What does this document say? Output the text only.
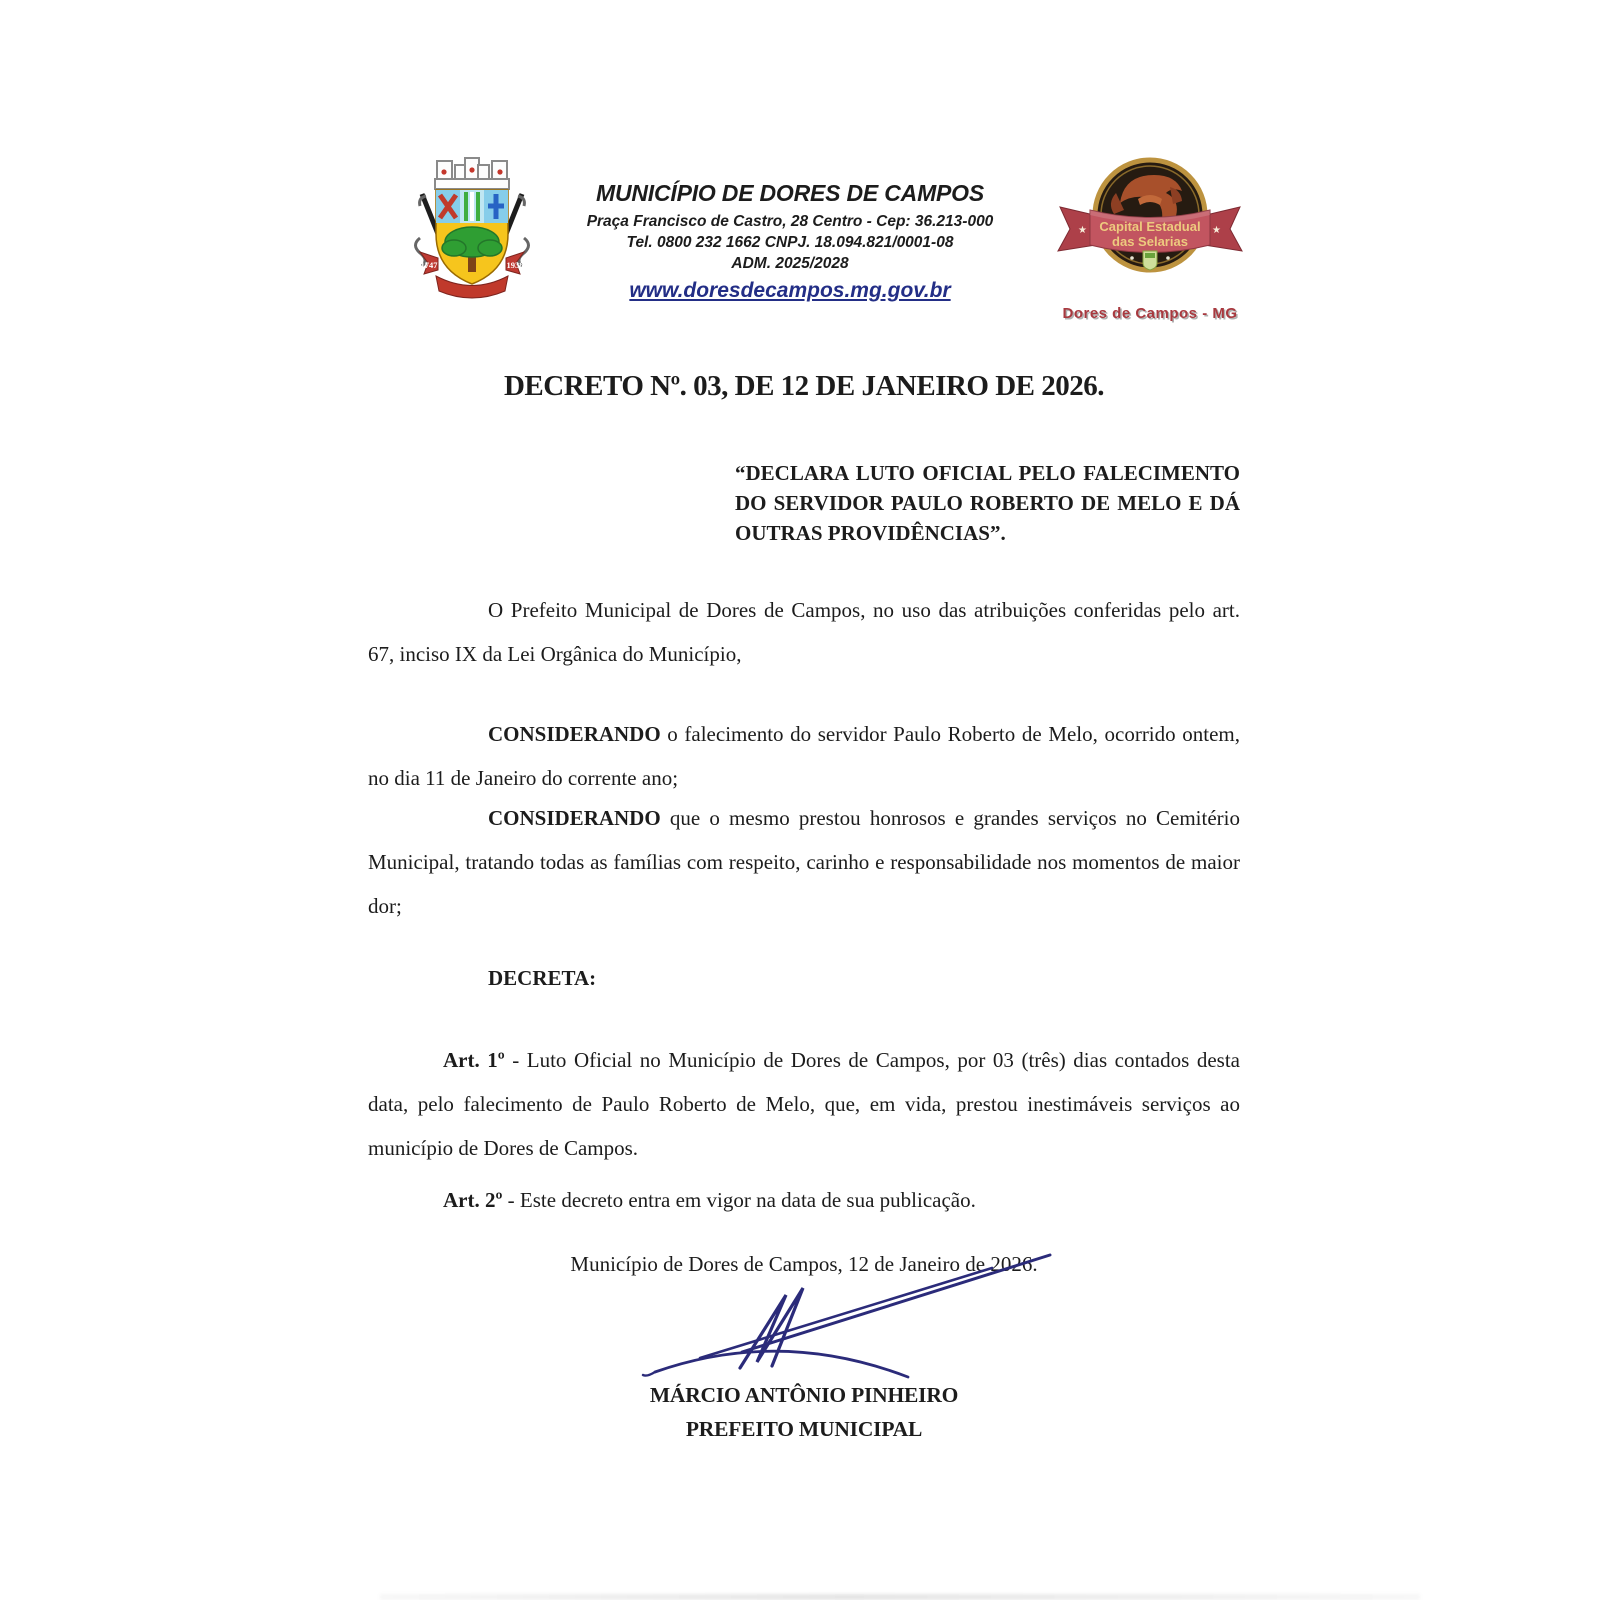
1747	1938
MUNICÍPIO DE DORES DE CAMPOS
Praça Francisco de Castro, 28 Centro - Cep: 36.213-000
Tel. 0800 232 1662 CNPJ. 18.094.821/0001-08
ADM. 2025/2028
www.doresdecampos.mg.gov.br
★	★
Capital Estadual
das Selarias
Dores de Campos - MG
DECRETO Nº. 03, DE 12 DE JANEIRO DE 2026.
“DECLARA LUTO OFICIAL PELO FALECIMENTO DO SERVIDOR PAULO ROBERTO DE MELO E DÁ OUTRAS PROVIDÊNCIAS”.

O Prefeito Municipal de Dores de Campos, no uso das atribuições conferidas pelo art. 67, inciso IX da Lei Orgânica do Município,

CONSIDERANDO o falecimento do servidor Paulo Roberto de Melo, ocorrido ontem, no dia 11 de Janeiro do corrente ano;

CONSIDERANDO que o mesmo prestou honrosos e grandes serviços no Cemitério Municipal, tratando todas as famílias com respeito, carinho e responsabilidade nos momentos de maior dor;

DECRETA:

Art. 1º - Luto Oficial no Município de Dores de Campos, por 03 (três) dias contados desta data, pelo falecimento de Paulo Roberto de Melo, que, em vida, prestou inestimáveis serviços ao município de Dores de Campos.

Art. 2º - Este decreto entra em vigor na data de sua publicação.

Município de Dores de Campos, 12 de Janeiro de 2026.

MÁRCIO ANTÔNIO PINHEIRO
PREFEITO MUNICIPAL
